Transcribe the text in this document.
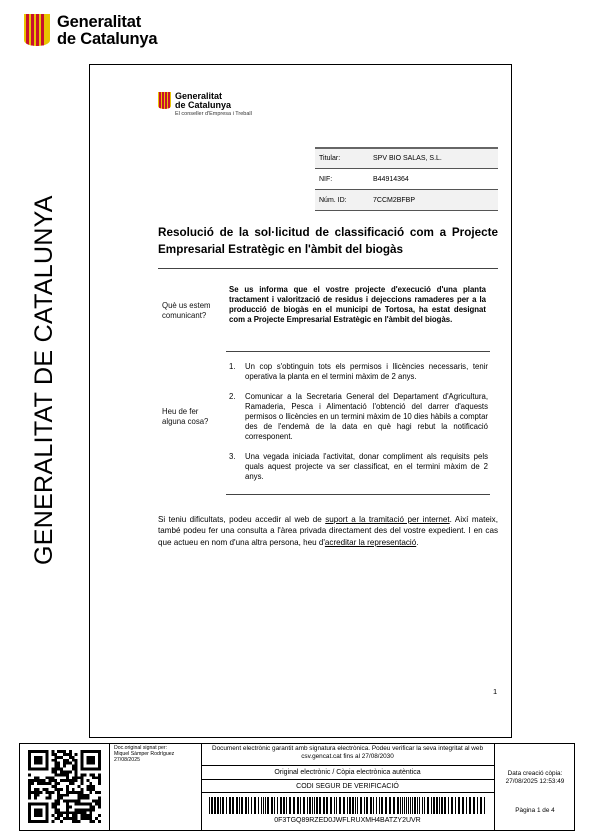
Generalitat
de Catalunya
GENERALITAT DE CATALUNYA
Generalitat
de Catalunya
El conseller d'Empresa i Treball
Titular:	SPV BIO SALAS, S.L.
NIF:	B44914364
Núm. ID:	7CCM2BFBP
Resolució de la sol·licitud de classificació com a Projecte Empresarial Estratègic en l'àmbit del biogàs
Què us estem comunicant?
Se us informa que el vostre projecte d'execució d'una planta tractament i valorització de residus i dejeccions ramaderes per a la producció de biogàs en el municipi de Tortosa, ha estat designat com a Projecte Empresarial Estratègic en l'àmbit del biogàs.
Heu de fer alguna cosa?
1.	Un cop s'obtinguin tots els permisos i llicències necessaris, tenir operativa la planta en el termini màxim de 2 anys.
2.	Comunicar a la Secretaria General del Departament d'Agricultura, Ramaderia, Pesca i Alimentació l'obtenció del darrer d'aquests permisos o llicències en un termini màxim de 10 dies hàbils a comptar des de l'endemà de la data en què hagi rebut la notificació corresponent.
3.	Una vegada iniciada l'activitat, donar compliment als requisits pels quals aquest projecte va ser classificat, en el termini màxim de 2 anys.

Si teniu dificultats, podeu accedir al web de suport a la tramitació per internet. Així mateix, també podeu fer una consulta a l'àrea privada directament des del vostre expedient. I en cas que actueu en nom d'una altra persona, heu d'acreditar la representació.

1
Doc.original signat per:
Miquel Sàmper Rodríguez
27/08/2025
Document electrònic garantit amb signatura electrònica. Podeu verificar la seva integritat al web csv.gencat.cat fins al 27/08/2030
Original electrònic / Còpia electrònica autèntica
CODI SEGUR DE VERIFICACIÓ
0F3TGQ89RZED0JWFLRUXMH4BATZY2UVR
Data creació còpia:
27/08/2025 12:53:49
Pàgina 1 de 4
